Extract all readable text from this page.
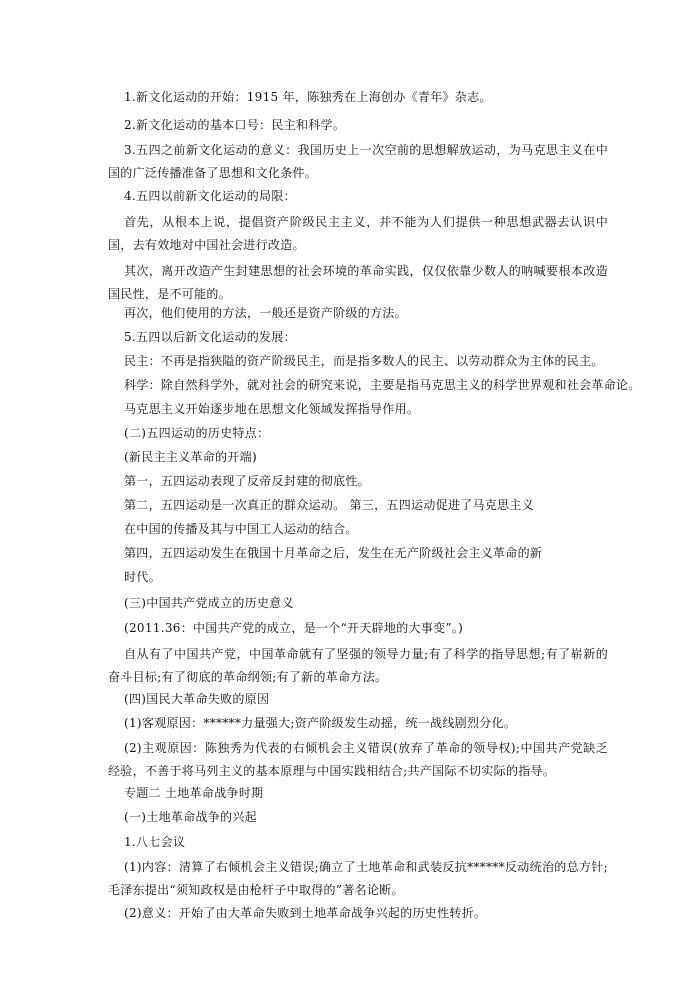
1.新文化运动的开始：1915 年，陈独秀在上海创办《青年》杂志。
2.新文化运动的基本口号：民主和科学。
3.五四之前新文化运动的意义：我国历史上一次空前的思想解放运动，为马克思主义在中国的广泛传播准备了思想和文化条件。
4.五四以前新文化运动的局限：
首先，从根本上说，提倡资产阶级民主主义，并不能为人们提供一种思想武器去认识中国，去有效地对中国社会进行改造。
其次，离开改造产生封建思想的社会环境的革命实践，仅仅依靠少数人的呐喊要根本改造国民性，是不可能的。
再次，他们使用的方法，一般还是资产阶级的方法。
5.五四以后新文化运动的发展：
民主：不再是指狭隘的资产阶级民主，而是指多数人的民主、以劳动群众为主体的民主。
科学：除自然科学外，就对社会的研究来说，主要是指马克思主义的科学世界观和社会革命论。
马克思主义开始逐步地在思想文化领域发挥指导作用。
(二)五四运动的历史特点：
(新民主主义革命的开端)
第一，五四运动表现了反帝反封建的彻底性。
第二，五四运动是一次真正的群众运动。 第三，五四运动促进了马克思主义
在中国的传播及其与中国工人运动的结合。
第四，五四运动发生在俄国十月革命之后，发生在无产阶级社会主义革命的新
时代。
(三)中国共产党成立的历史意义
(2011.36：中国共产党的成立，是一个“开天辟地的大事变”。)
自从有了中国共产党，中国革命就有了坚强的领导力量;有了科学的指导思想;有了崭新的奋斗目标;有了彻底的革命纲领;有了新的革命方法。
(四)国民大革命失败的原因
(1)客观原因：******力量强大;资产阶级发生动摇，统一战线剧烈分化。
(2)主观原因：陈独秀为代表的右倾机会主义错误(放弃了革命的领导权);中国共产党缺乏经验，不善于将马列主义的基本原理与中国实践相结合;共产国际不切实际的指导。
专题二 土地革命战争时期
(一)土地革命战争的兴起
1.八七会议
(1)内容：清算了右倾机会主义错误;确立了土地革命和武装反抗******反动统治的总方针;毛泽东提出“须知政权是由枪杆子中取得的”著名论断。
(2)意义：开始了由大革命失败到土地革命战争兴起的历史性转折。
